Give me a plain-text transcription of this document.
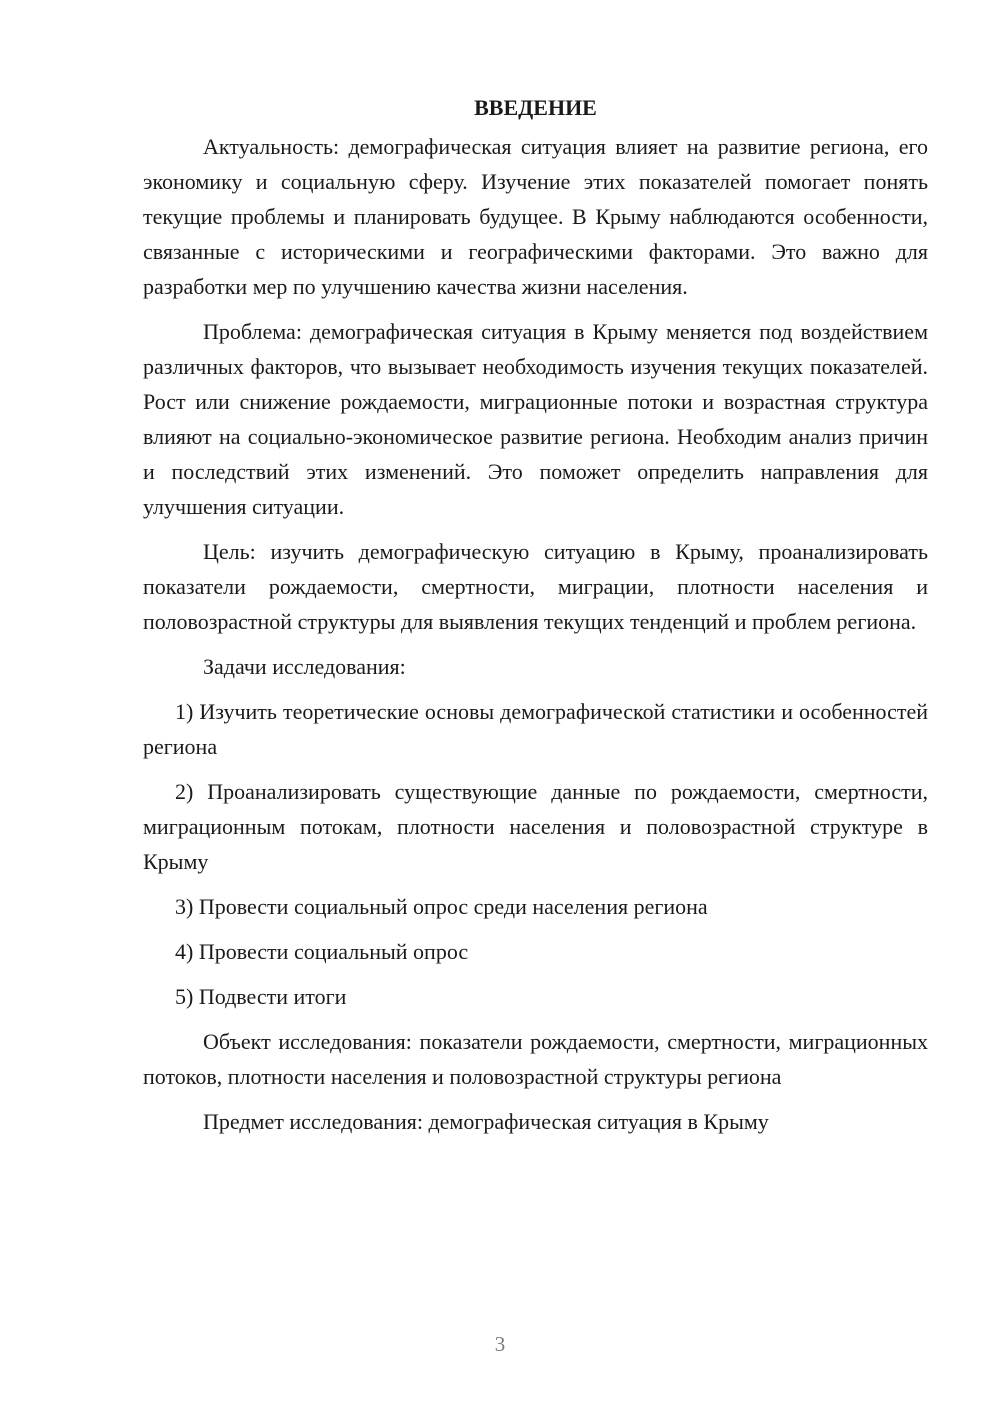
ВВЕДЕНИЕ

Актуальность: демографическая ситуация влияет на развитие региона, его экономику и социальную сферу. Изучение этих показателей помогает понять текущие проблемы и планировать будущее. В Крыму наблюдаются особенности, связанные с историческими и географическими факторами. Это важно для разработки мер по улучшению качества жизни населения.

Проблема: демографическая ситуация в Крыму меняется под воздействием различных факторов, что вызывает необходимость изучения текущих показателей. Рост или снижение рождаемости, миграционные потоки и возрастная структура влияют на социально-экономическое развитие региона. Необходим анализ причин и последствий этих изменений. Это поможет определить направления для улучшения ситуации.

Цель: изучить демографическую ситуацию в Крыму, проанализировать показатели рождаемости, смертности, миграции, плотности населения и половозрастной структуры для выявления текущих тенденций и проблем региона.

Задачи исследования:

1) Изучить теоретические основы демографической статистики и особенностей региона

2) Проанализировать существующие данные по рождаемости, смертности, миграционным потокам, плотности населения и половозрастной структуре в Крыму

3) Провести социальный опрос среди населения региона

4) Провести социальный опрос

5) Подвести итоги

Объект исследования: показатели рождаемости, смертности, миграционных потоков, плотности населения и половозрастной структуры региона

Предмет исследования: демографическая ситуация в Крыму

3
